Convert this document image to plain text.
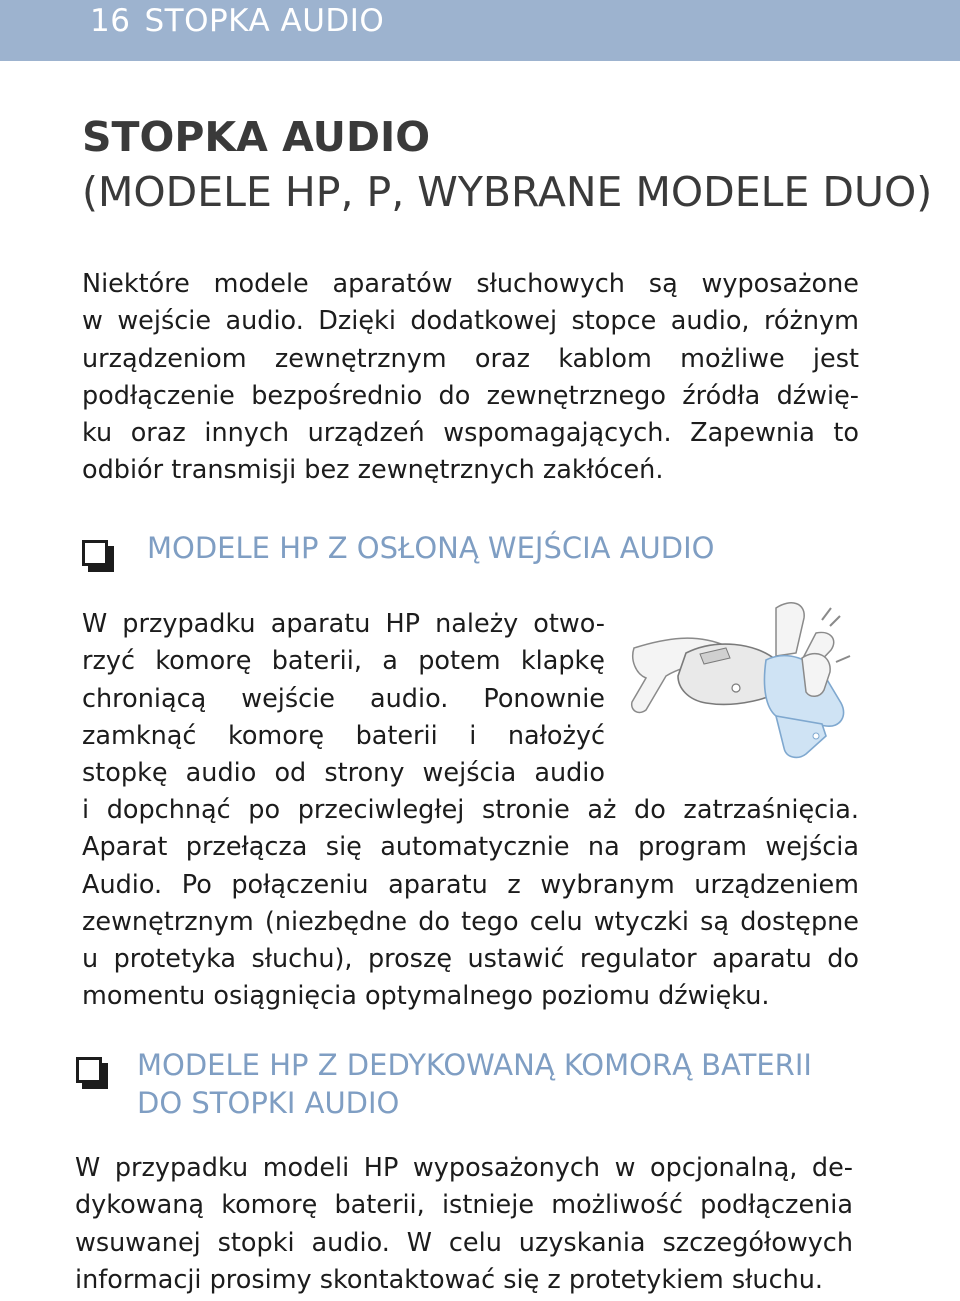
16 STOPKA AUDIO
STOPKA AUDIO
(MODELE HP, P, WYBRANE MODELE DUO)
Niektóre modele aparatów słuchowych są wyposażone
w wejście audio. Dzięki dodatkowej stopce audio, różnym
urządzeniom zewnętrznym oraz kablom możliwe jest
podłączenie bezpośrednio do zewnętrznego źródła dźwię-
ku oraz innych urządzeń wspomagających. Zapewnia to
odbiór transmisji bez zewnętrznych zakłóceń.
MODELE HP Z OSŁONĄ WEJŚCIA AUDIO
W przypadku aparatu HP należy otwo-
rzyć komorę baterii, a potem klapkę
chroniącą wejście audio. Ponownie
zamknąć komorę baterii i nałożyć
stopkę audio od strony wejścia audio
i dopchnąć po przeciwległej stronie aż do zatrzaśnięcia.
Aparat przełącza się automatycznie na program wejścia
Audio. Po połączeniu aparatu z wybranym urządzeniem
zewnętrznym (niezbędne do tego celu wtyczki są dostępne
u protetyka słuchu), proszę ustawić regulator aparatu do
momentu osiągnięcia optymalnego poziomu dźwięku.
MODELE HP Z DEDYKOWANĄ KOMORĄ BATERII
DO STOPKI AUDIO
W przypadku modeli HP wyposażonych w opcjonalną, de-
dykowaną komorę baterii, istnieje możliwość podłączenia
wsuwanej stopki audio. W celu uzyskania szczegółowych
informacji prosimy skontaktować się z protetykiem słuchu.
